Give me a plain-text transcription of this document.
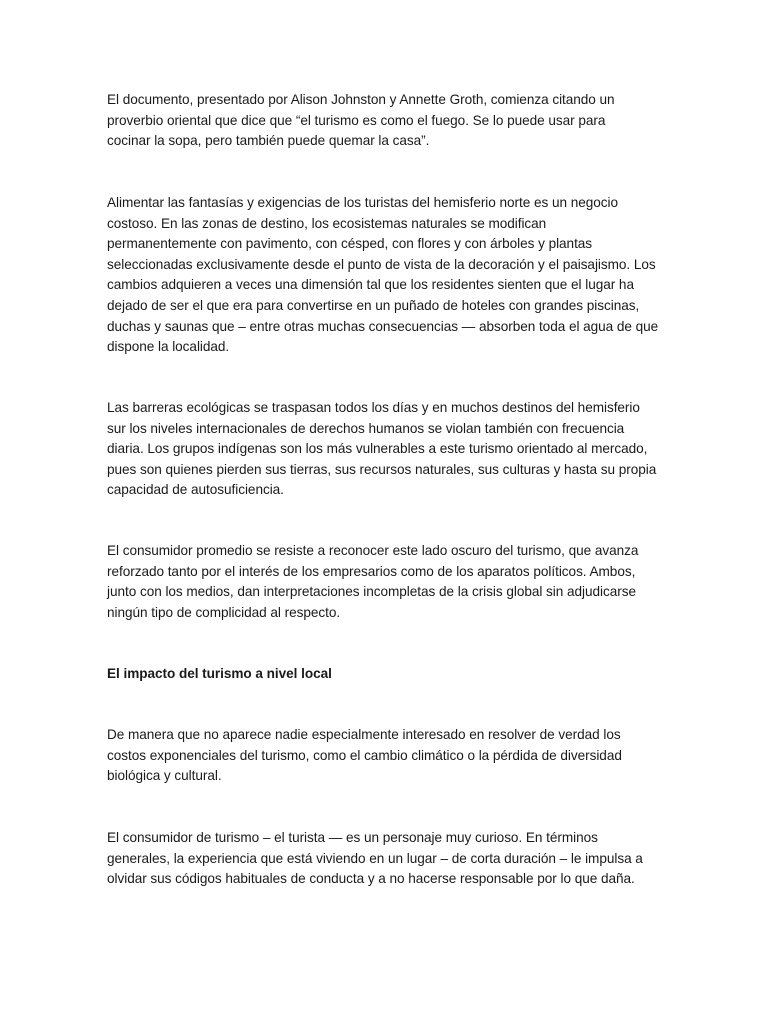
El documento, presentado por Alison Johnston y Annette Groth, comienza citando un
proverbio oriental que dice que “el turismo es como el fuego. Se lo puede usar para
cocinar la sopa, pero también puede quemar la casa”.

Alimentar las fantasías y exigencias de los turistas del hemisferio norte es un negocio
costoso. En las zonas de destino, los ecosistemas naturales se modifican
permanentemente con pavimento, con césped, con flores y con árboles y plantas
seleccionadas exclusivamente desde el punto de vista de la decoración y el paisajismo. Los
cambios adquieren a veces una dimensión tal que los residentes sienten que el lugar ha
dejado de ser el que era para convertirse en un puñado de hoteles con grandes piscinas,
duchas y saunas que – entre otras muchas consecuencias — absorben toda el agua de que
dispone la localidad.

Las barreras ecológicas se traspasan todos los días y en muchos destinos del hemisferio
sur los niveles internacionales de derechos humanos se violan también con frecuencia
diaria. Los grupos indígenas son los más vulnerables a este turismo orientado al mercado,
pues son quienes pierden sus tierras, sus recursos naturales, sus culturas y hasta su propia
capacidad de autosuficiencia.

El consumidor promedio se resiste a reconocer este lado oscuro del turismo, que avanza
reforzado tanto por el interés de los empresarios como de los aparatos políticos. Ambos,
junto con los medios, dan interpretaciones incompletas de la crisis global sin adjudicarse
ningún tipo de complicidad al respecto.

El impacto del turismo a nivel local

De manera que no aparece nadie especialmente interesado en resolver de verdad los
costos exponenciales del turismo, como el cambio climático o la pérdida de diversidad
biológica y cultural.

El consumidor de turismo – el turista — es un personaje muy curioso. En términos
generales, la experiencia que está viviendo en un lugar – de corta duración – le impulsa a
olvidar sus códigos habituales de conducta y a no hacerse responsable por lo que daña.
